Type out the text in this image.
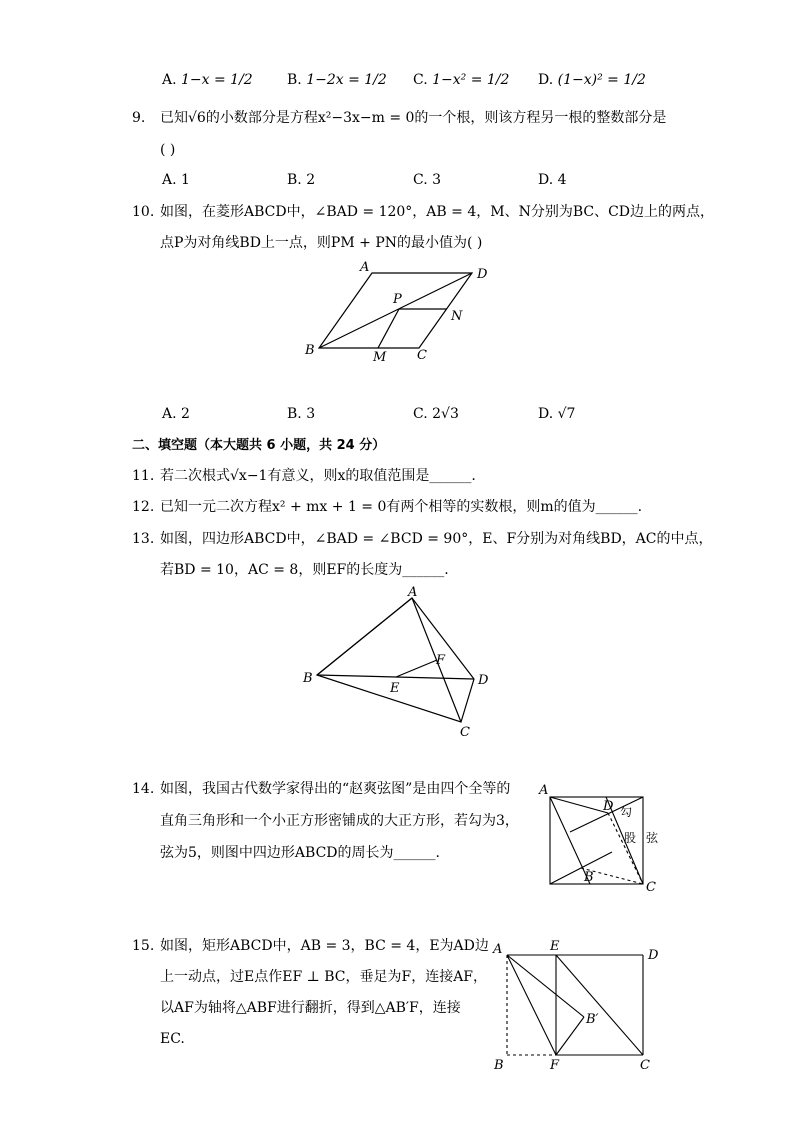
A. 1−x = 1/2 B. 1−2x = 1/2 C. 1−x² = 1/2 D. (1−x)² = 1/2
9. 已知√6的小数部分是方程x²−3x−m = 0的一个根，则该方程另一根的整数部分是
( )
A. 1	B. 2	C. 3	D. 4
10. 如图，在菱形ABCD中，∠BAD = 120°，AB = 4，M、N分别为BC、CD边上的两点，
点P为对角线BD上一点，则PM + PN的最小值为( )
A	D
P
N
B	M C
A. 2	B. 3	C. 2√3	D. √7
二、填空题（本大题共 6 小题，共 24 分）
11. 若二次根式√x−1有意义，则x的取值范围是______.
12. 已知一元二次方程x² + mx + 1 = 0有两个相等的实数根，则m的值为______.
13. 如图，四边形ABCD中，∠BAD = ∠BCD = 90°，E、F分别为对角线BD，AC的中点，
若BD = 10，AC = 8，则EF的长度为______.
A
B	D
C
E
F
14. 如图，我国古代数学家得出的“赵爽弦图”是由四个全等的
直角三角形和一个小正方形密铺成的大正方形，若勾为3，
弦为5，则图中四边形ABCD的周长为______.
A
D
B
C
勾
股 弦
15. 如图，矩形ABCD中，AB = 3，BC = 4，E为AD边
上一动点，过E点作EF ⊥ BC，垂足为F，连接AF，
以AF为轴将△ABF进行翻折，得到△AB′F，连接
EC.
A	E
D
B′
B	F	C
